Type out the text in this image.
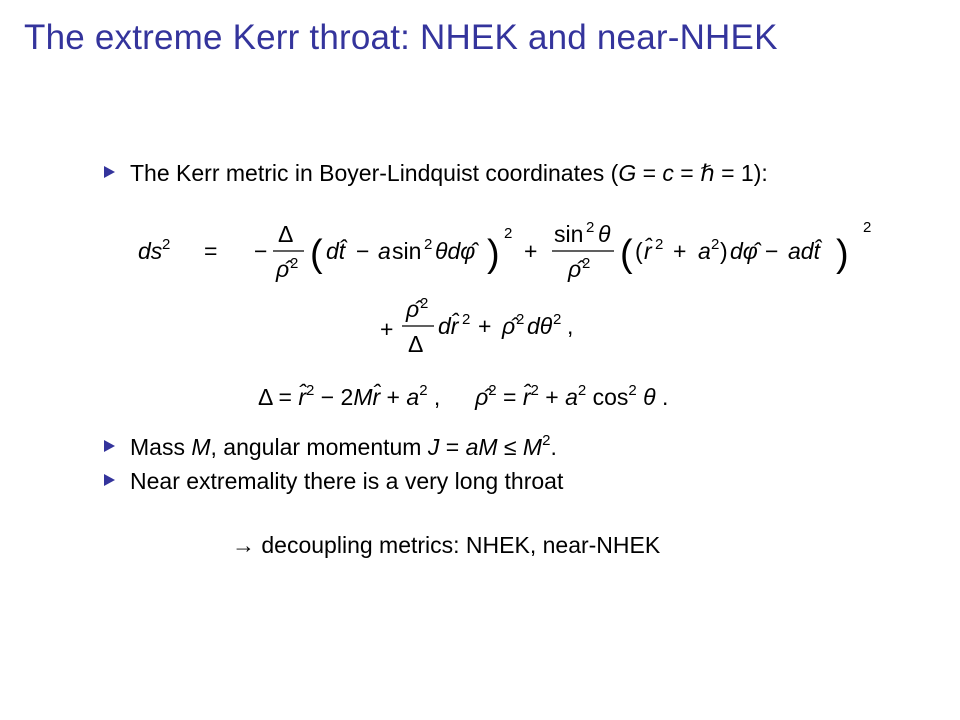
The extreme Kerr throat: NHEK and near-NHEK
The Kerr metric in Boyer-Lindquist coordinates (G = c = ℏ = 1):
ds 2 = −
Δ
ρ̂ 2 ( dt̂ − a sin 2 θdφ̂ ) 2
+
sin 2 θ
ρ̂ 2 ( ( r̂ 2 + a 2 ) dφ̂ − adt̂ )
2
+
ρ̂ 2
Δ
dr̂ 2 + ρ̂ 2 dθ 2 ,
Δ = r̂$^2$ − 2Mr̂ + $a^2$ , ρ̂$^2$ = r̂$^2$ + $a^2$ $\cos^2 \theta$ .
Mass M, angular momentum J = aM ≤ $M^2$.
Near extremality there is a very long throat
→ decoupling metrics: NHEK, near-NHEK
